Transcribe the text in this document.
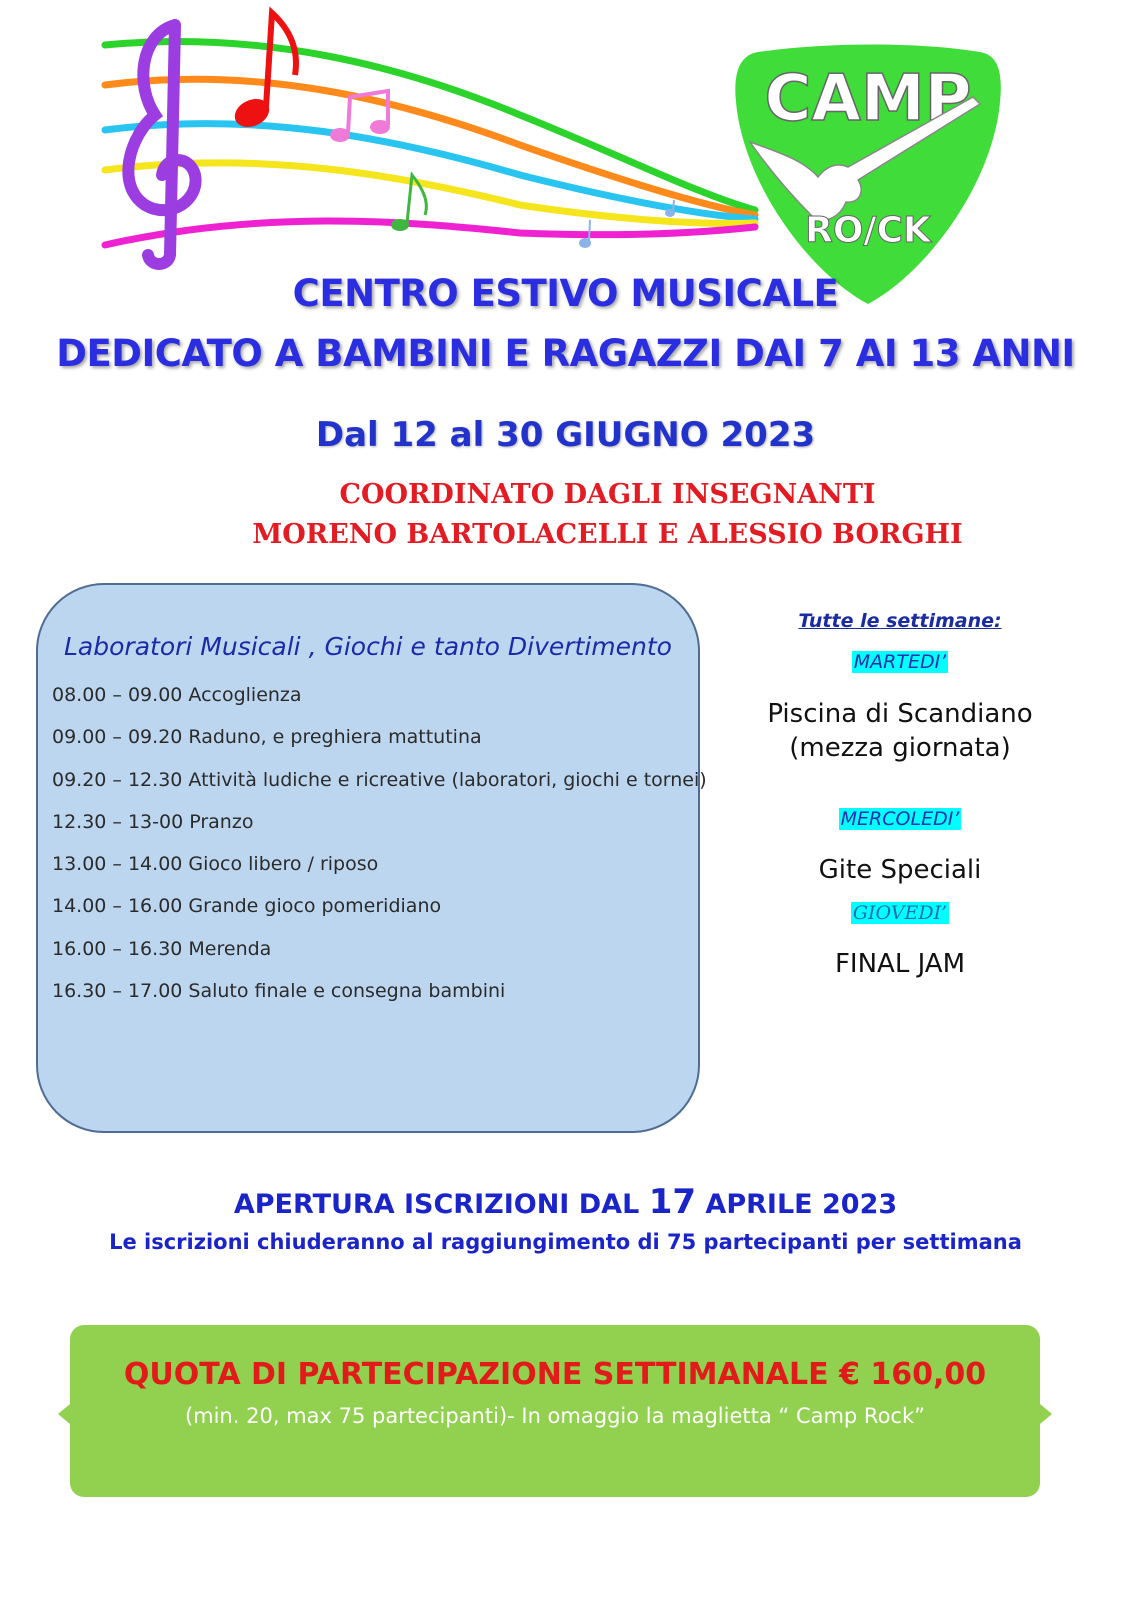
CAMP
RO/CK
CENTRO ESTIVO MUSICALE
DEDICATO A BAMBINI E RAGAZZI DAI 7 AI 13 ANNI
Dal 12 al 30 GIUGNO 2023
COORDINATO DAGLI INSEGNANTI
MORENO BARTOLACELLI E ALESSIO BORGHI
Laboratori Musicali , Giochi e tanto Divertimento
08.00 – 09.00 Accoglienza
09.00 – 09.20 Raduno, e preghiera mattutina
09.20 – 12.30 Attività ludiche e ricreative (laboratori, giochi e tornei)
12.30 – 13-00 Pranzo
13.00 – 14.00 Gioco libero / riposo
14.00 – 16.00 Grande gioco pomeridiano
16.00 – 16.30 Merenda
16.30 – 17.00 Saluto finale e consegna bambini
Tutte le settimane:
MARTEDI’
Piscina di Scandiano
(mezza giornata)
MERCOLEDI’
Gite Speciali
GIOVEDI’
FINAL JAM
APERTURA ISCRIZIONI DAL 17 APRILE 2023
Le iscrizioni chiuderanno al raggiungimento di 75 partecipanti per settimana
QUOTA DI PARTECIPAZIONE SETTIMANALE € 160,00
(min. 20, max 75 partecipanti)- In omaggio la maglietta “ Camp Rock”
